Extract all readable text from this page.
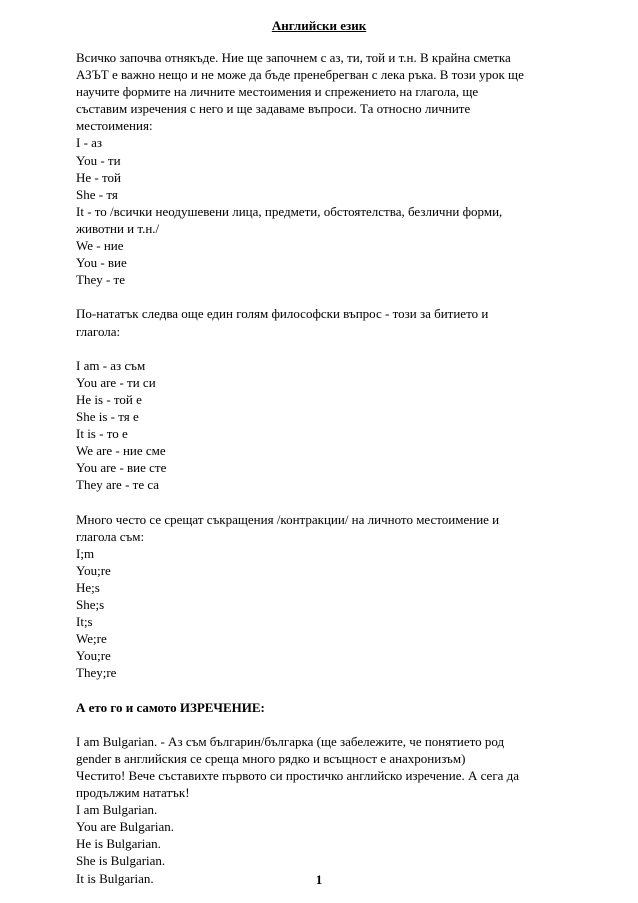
Английски език

Всичко започва отнякъде. Ние ще започнем с аз, ти, той и т.н. В крайна сметка

АЗЪТ е важно нещо и не може да бъде пренебрегван с лека ръка. В този урок ще

научите формите на личните местоимения и спрежението на глагола, ще

съставим изречения с него и ще задаваме въпроси. Та относно личните

местоимения:

I - аз

You - ти

He - той

She - тя

It - то /всички неодушевени лица, предмети, обстоятелства, безлични форми,

животни и т.н./

We - ние

You - вие

They - те

По-нататък следва още един голям философски въпрос - този за битието и

глагола:

I am - аз съм

You are - ти си

He is - той е

She is - тя е

It is - то е

We are - ние сме

You are - вие сте

They are - те са

Много често се срещат съкращения /контракции/ на личното местоимение и

глагола съм:

I;m

You;re

He;s

She;s

It;s

We;re

You;re

They;re

А ето го и самото ИЗРЕЧЕНИЕ:

I am Bulgarian. - Аз съм българин/българка (ще забележите, че понятието род

gender в английския се среща много рядко и всъщност е анахронизъм)

Честито! Вече съставихте първото си простичко английско изречение. А сега да

продължим нататък!

I am Bulgarian.

You are Bulgarian.

He is Bulgarian.

She is Bulgarian.

It is Bulgarian.	1
